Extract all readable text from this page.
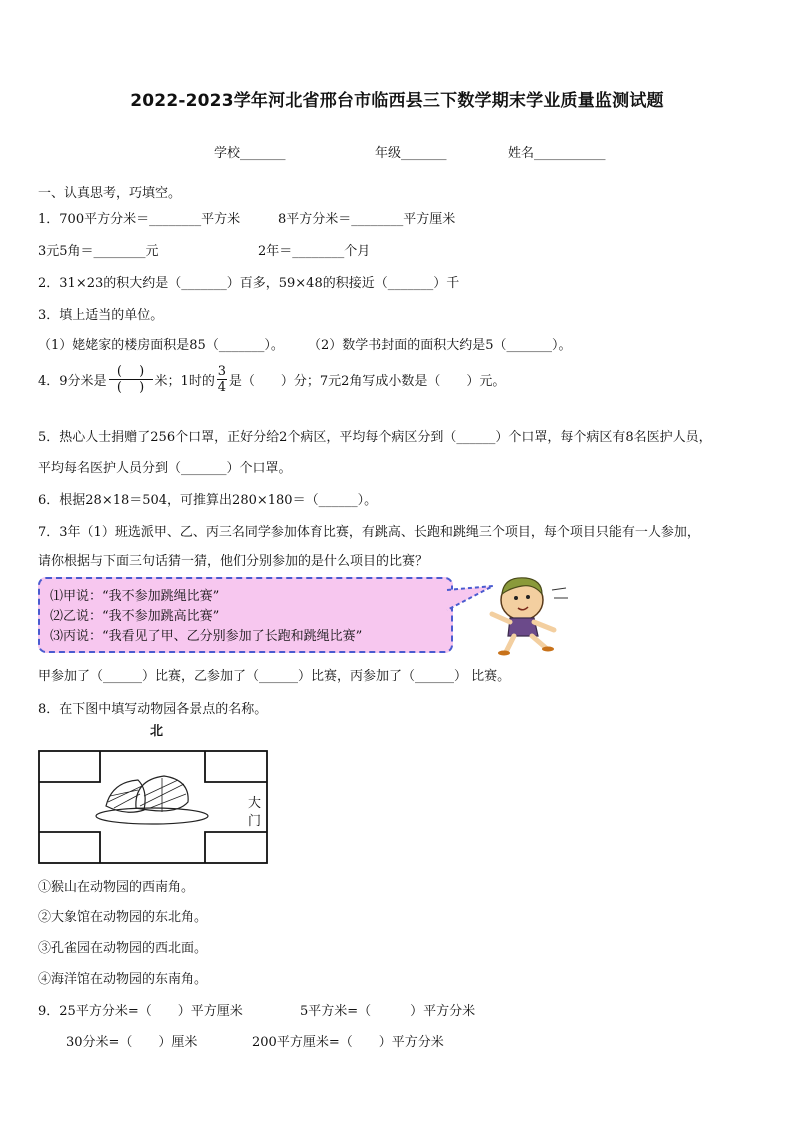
2022-2023学年河北省邢台市临西县三下数学期末学业质量监测试题
学校_______	年级_______	姓名___________
一、认真思考，巧填空。
1．700平方分米＝________平方米	8平方分米＝________平方厘米
3元5角＝________元	2年＝________个月
2．31×23的积大约是（_______）百多，59×48的积接近（_______）千
3．填上适当的单位。
（1）姥姥家的楼房面积是85（_______）。 （2）数学书封面的面积大约是5（_______）。
4．9分米是 $\frac{( )}{( )}$ 米；1时的 $\frac{3}{4}$ 是（　　）分；7元2角写成小数是（　　）元。
5．热心人士捐赠了256个口罩，正好分给2个病区，平均每个病区分到（______）个口罩，每个病区有8名医护人员，
平均每名医护人员分到（_______）个口罩。
6．根据28×18＝504，可推算出280×180＝（______）。
7．3年（1）班选派甲、乙、丙三名同学参加体育比赛，有跳高、长跑和跳绳三个项目，每个项目只能有一人参加，
请你根据与下面三句话猜一猜，他们分别参加的是什么项目的比赛？
⑴甲说：“我不参加跳绳比赛”
⑵乙说：“我不参加跳高比赛”
⑶丙说：“我看见了甲、乙分别参加了长跑和跳绳比赛”
甲参加了（______）比赛，乙参加了（______）比赛，丙参加了（______） 比赛。
8．在下图中填写动物园各景点的名称。
北
大
门
①猴山在动物园的西南角。
②大象馆在动物园的东北角。
③孔雀园在动物园的西北面。
④海洋馆在动物园的东南角。
9．25平方分米=（　　）平方厘米	5平方米=（　　　）平方分米
30分米=（　　）厘米	200平方厘米=（　　）平方分米
